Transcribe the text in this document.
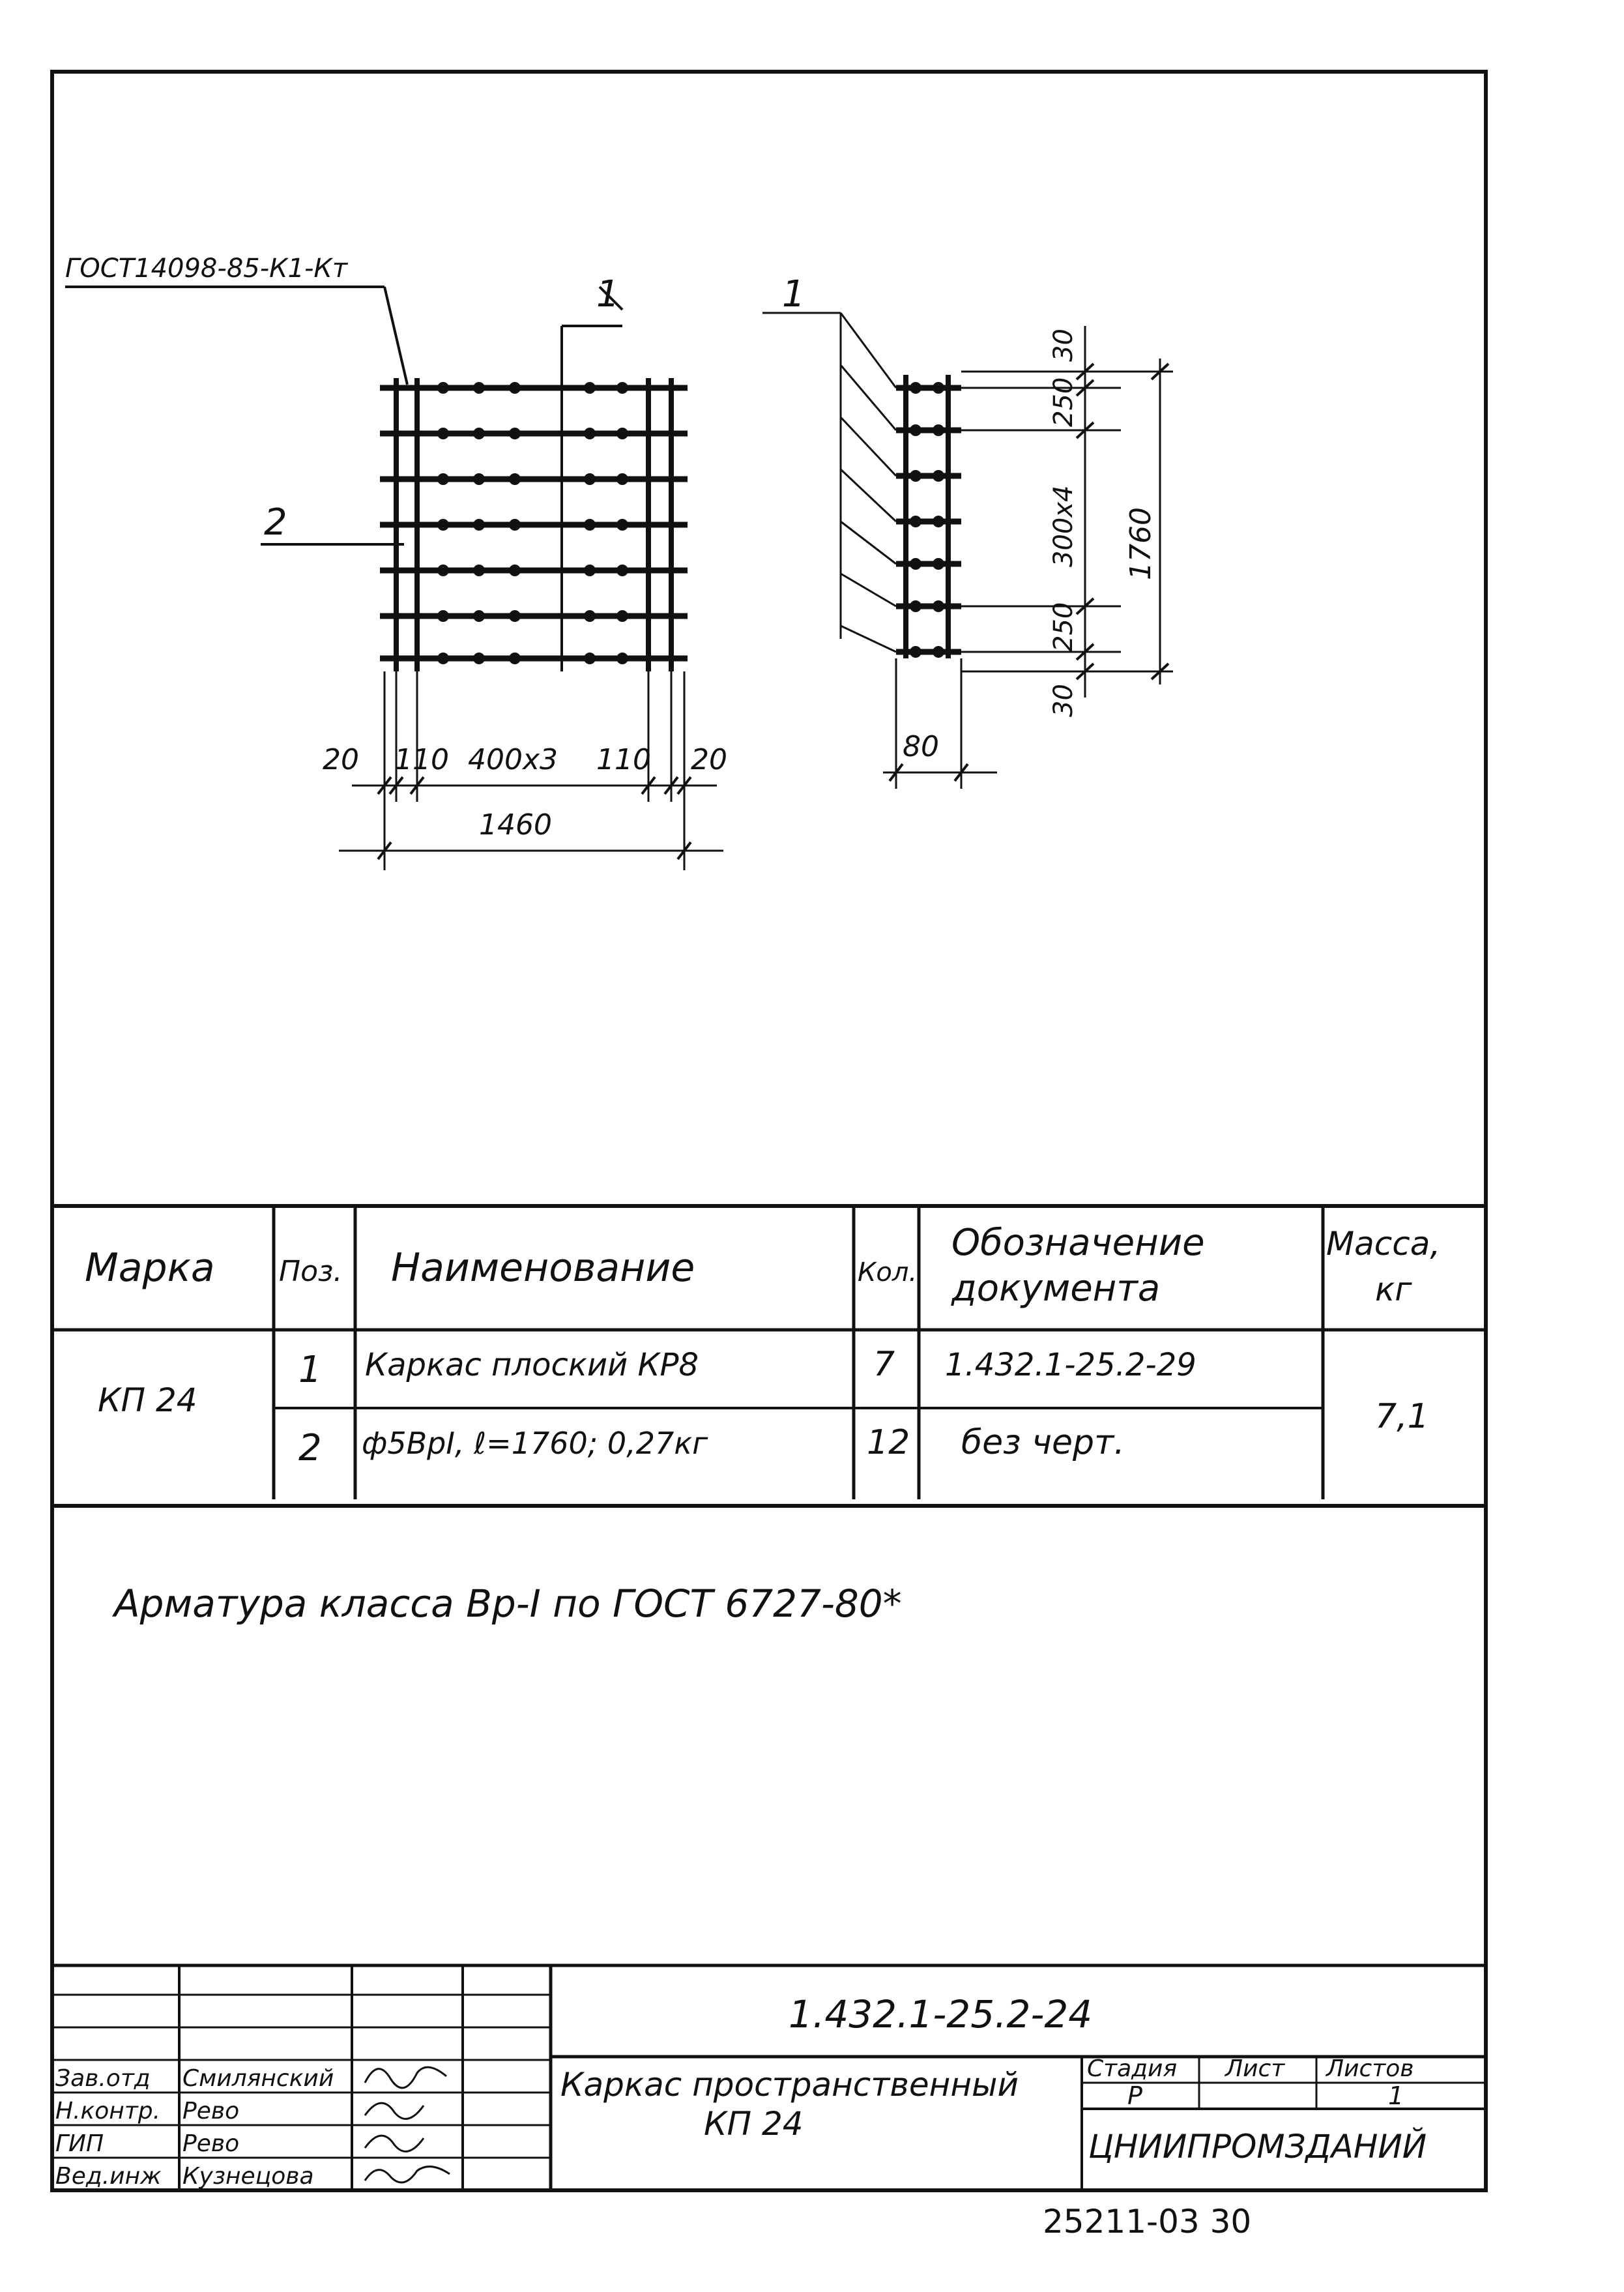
ГОСТ14098-85-К1-Кт
1
2
20 110 400x3 110 20
1460
1
80
30
250
300x4
250
30
1760
Марка Поз. Наименование	Кол.
Обозначение
документа
Масса,
кг
КП 24
1 Каркас плоский КР8	7 1.432.1-25.2-29
2 ф5ВрI, ℓ=1760; 0,27кг	12 без черт.
7,1
Арматура класса Вр-I по ГОСТ 6727-80*
1.432.1-25.2-24
Каркас пространственный
КП 24
Стадия Лист Листов
Р	1
ЦНИИПРОМЗДАНИЙ
Зав.отд Смилянский
Н.контр. Рево
ГИП	Рево
Вед.инж Кузнецова
25211-03 30
